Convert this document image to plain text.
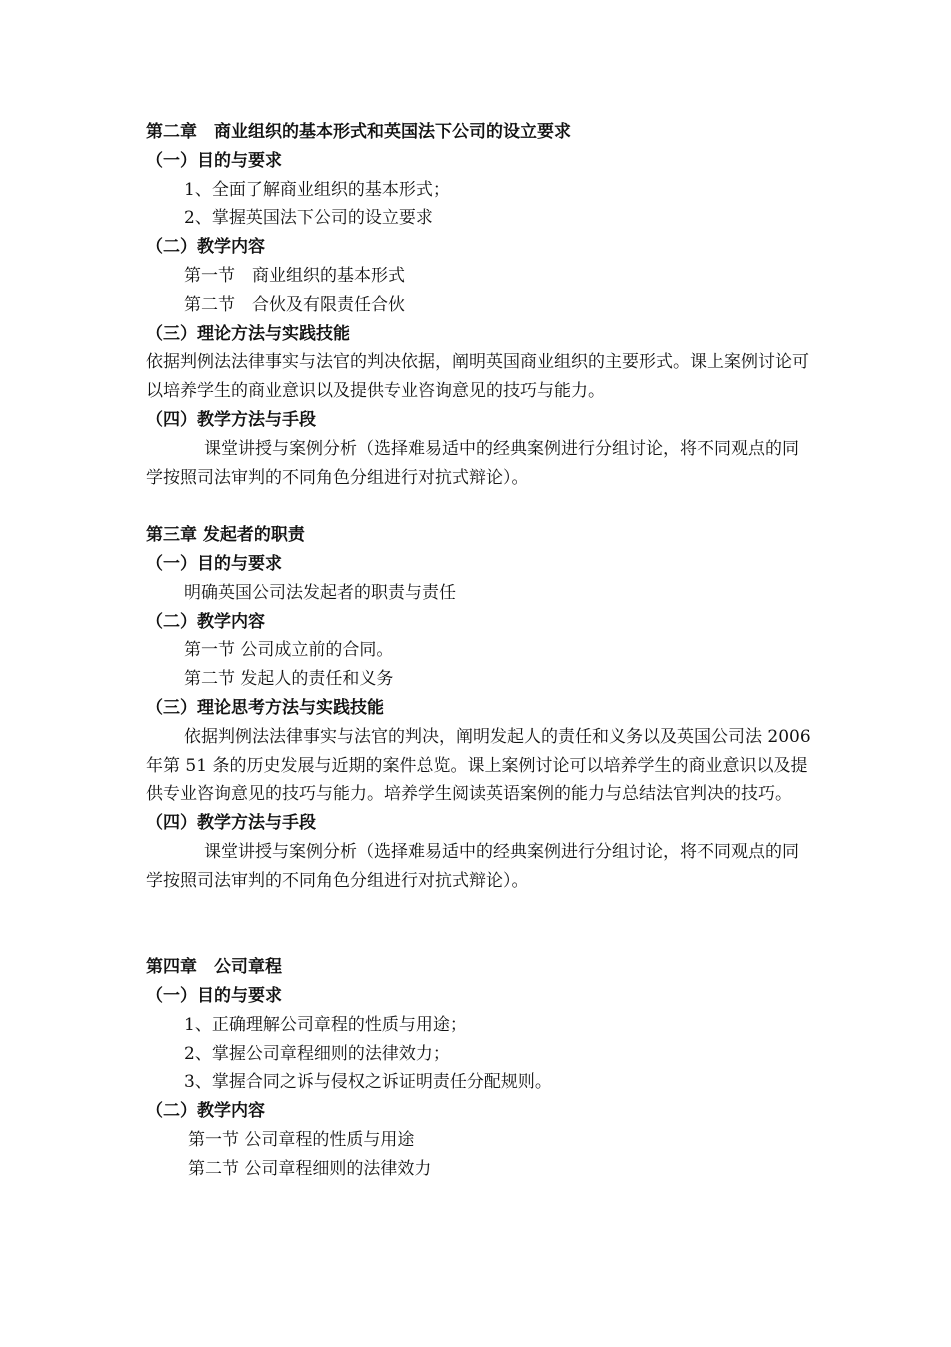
第二章　商业组织的基本形式和英国法下公司的设立要求
（一）目的与要求
1、全面了解商业组织的基本形式；
2、掌握英国法下公司的设立要求
（二）教学内容
第一节　商业组织的基本形式
第二节　合伙及有限责任合伙
（三）理论方法与实践技能
依据判例法法律事实与法官的判决依据，阐明英国商业组织的主要形式。课上案例讨论可以培养学生的商业意识以及提供专业咨询意见的技巧与能力。
（四）教学方法与手段
课堂讲授与案例分析（选择难易适中的经典案例进行分组讨论，将不同观点的同学按照司法审判的不同角色分组进行对抗式辩论）。
第三章 发起者的职责
（一）目的与要求
明确英国公司法发起者的职责与责任
（二）教学内容
第一节 公司成立前的合同。
第二节 发起人的责任和义务
（三）理论思考方法与实践技能
依据判例法法律事实与法官的判决，阐明发起人的责任和义务以及英国公司法 2006 年第 51 条的历史发展与近期的案件总览。课上案例讨论可以培养学生的商业意识以及提供专业咨询意见的技巧与能力。培养学生阅读英语案例的能力与总结法官判决的技巧。
（四）教学方法与手段
课堂讲授与案例分析（选择难易适中的经典案例进行分组讨论，将不同观点的同学按照司法审判的不同角色分组进行对抗式辩论）。
第四章　公司章程
（一）目的与要求
1、正确理解公司章程的性质与用途；
2、掌握公司章程细则的法律效力；
3、掌握合同之诉与侵权之诉证明责任分配规则。
（二）教学内容
第一节 公司章程的性质与用途
第二节 公司章程细则的法律效力
